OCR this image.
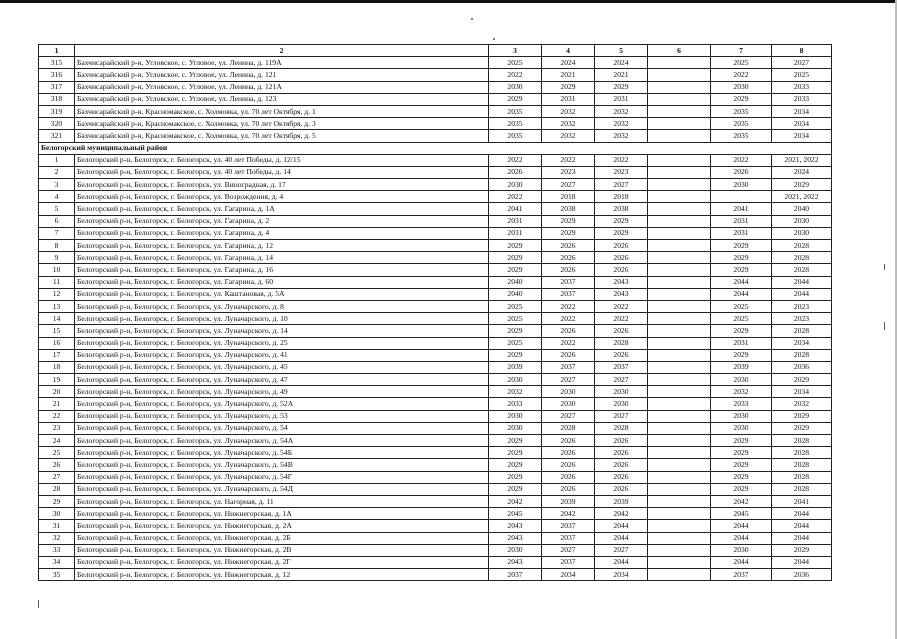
1	2	3	4	5	6	7	8
315	Бахчисарайский р-н, Угловское, с. Угловое, ул. Ленина, д. 119А	2025	2024	2024		2025	2027
316	Бахчисарайский р-н, Угловское, с. Угловое, ул. Ленина, д. 121	2022	2021	2021		2022	2025
317	Бахчисарайский р-н, Угловское, с. Угловое, ул. Ленина, д. 121А	2030	2029	2029		2030	2033
318	Бахчисарайский р-н, Угловское, с. Угловое, ул. Ленина, д. 123	2029	2031	2031		2029	2033
319	Бахчисарайский р-н, Красномакское, с. Холмовка, ул. 70 лет Октября, д. 1	2035	2032	2032		2035	2034
320	Бахчисарайский р-н, Красномакское, с. Холмовка, ул. 70 лет Октября, д. 3	2035	2032	2032		2035	2034
321	Бахчисарайский р-н, Красномакское, с. Холмовка, ул. 70 лет Октября, д. 5	2035	2032	2032		2035	2034
Белогорский муниципальный район							
1	Белогорский р-н, Белогорск, г. Белогорск, ул. 40 лет Победы, д. 12/15	2022	2022	2022		2022	2021, 2022
2	Белогорский р-н, Белогорск, г. Белогорск, ул. 40 лет Победы, д. 14	2026	2023	2023		2026	2024
3	Белогорский р-н, Белогорск, г. Белогорск, ул. Виноградная, д. 17	2030	2027	2027		2030	2029
4	Белогорский р-н, Белогорск, г. Белогорск, ул. Возрождения, д. 4	2022	2018	2018			2021, 2022
5	Белогорский р-н, Белогорск, г. Белогорск, ул. Гагарина, д. 1А	2041	2038	2038		2041	2040
6	Белогорский р-н, Белогорск, г. Белогорск, ул. Гагарина, д. 2	2031	2029	2029		2031	2030
7	Белогорский р-н, Белогорск, г. Белогорск, ул. Гагарина, д. 4	2031	2029	2029		2031	2030
8	Белогорский р-н, Белогорск, г. Белогорск, ул. Гагарина, д. 12	2029	2026	2026		2029	2028
9	Белогорский р-н, Белогорск, г. Белогорск, ул. Гагарина, д. 14	2029	2026	2026		2029	2028
10	Белогорский р-н, Белогорск, г. Белогорск, ул. Гагарина, д. 16	2029	2026	2026		2029	2028
11	Белогорский р-н, Белогорск, г. Белогорск, ул. Гагарина, д. 60	2040	2037	2043		2044	2044
12	Белогорский р-н, Белогорск, г. Белогорск, ул. Каштановая, д. 5А	2040	2037	2043		2044	2044
13	Белогорский р-н, Белогорск, г. Белогорск, ул. Луначарского, д. 8	2025	2022	2022		2025	2023
14	Белогорский р-н, Белогорск, г. Белогорск, ул. Луначарского, д. 10	2025	2022	2022		2025	2023
15	Белогорский р-н, Белогорск, г. Белогорск, ул. Луначарского, д. 14	2029	2026	2026		2029	2028
16	Белогорский р-н, Белогорск, г. Белогорск, ул. Луначарского, д. 25	2025	2022	2028		2031	2034
17	Белогорский р-н, Белогорск, г. Белогорск, ул. Луначарского, д. 41	2029	2026	2026		2029	2028
18	Белогорский р-н, Белогорск, г. Белогорск, ул. Луначарского, д. 45	2039	2037	2037		2039	2036
19	Белогорский р-н, Белогорск, г. Белогорск, ул. Луначарского, д. 47	2030	2027	2027		2030	2029
20	Белогорский р-н, Белогорск, г. Белогорск, ул. Луначарского, д. 49	2032	2030	2030		2032	2034
21	Белогорский р-н, Белогорск, г. Белогорск, ул. Луначарского, д. 52А	2033	2030	2030		2033	2032
22	Белогорский р-н, Белогорск, г. Белогорск, ул. Луначарского, д. 53	2030	2027	2027		2030	2029
23	Белогорский р-н, Белогорск, г. Белогорск, ул. Луначарского, д. 54	2030	2028	2028		2030	2029
24	Белогорский р-н, Белогорск, г. Белогорск, ул. Луначарского, д. 54А	2029	2026	2026		2029	2028
25	Белогорский р-н, Белогорск, г. Белогорск, ул. Луначарского, д. 54Б	2029	2026	2026		2029	2028
26	Белогорский р-н, Белогорск, г. Белогорск, ул. Луначарского, д. 54В	2029	2026	2026		2029	2028
27	Белогорский р-н, Белогорск, г. Белогорск, ул. Луначарского, д. 54Г	2029	2026	2026		2029	2028
28	Белогорский р-н, Белогорск, г. Белогорск, ул. Луначарского, д. 54Д	2029	2026	2026		2029	2028
29	Белогорский р-н, Белогорск, г. Белогорск, ул. Нагорная, д. 11	2042	2039	2039		2042	2041
30	Белогорский р-н, Белогорск, г. Белогорск, ул. Нижнегорская, д. 1А	2045	2042	2042		2045	2044
31	Белогорский р-н, Белогорск, г. Белогорск, ул. Нижнегорская, д. 2А	2043	2037	2044		2044	2044
32	Белогорский р-н, Белогорск, г. Белогорск, ул. Нижнегорская, д. 2Б	2043	2037	2044		2044	2044
33	Белогорский р-н, Белогорск, г. Белогорск, ул. Нижнегорская, д. 2В	2030	2027	2027		2030	2029
34	Белогорский р-н, Белогорск, г. Белогорск, ул. Нижнегорская, д. 2Г	2043	2037	2044		2044	2044
35	Белогорский р-н, Белогорск, г. Белогорск, ул. Нижнегорская, д. 12	2037	2034	2034		2037	2036
